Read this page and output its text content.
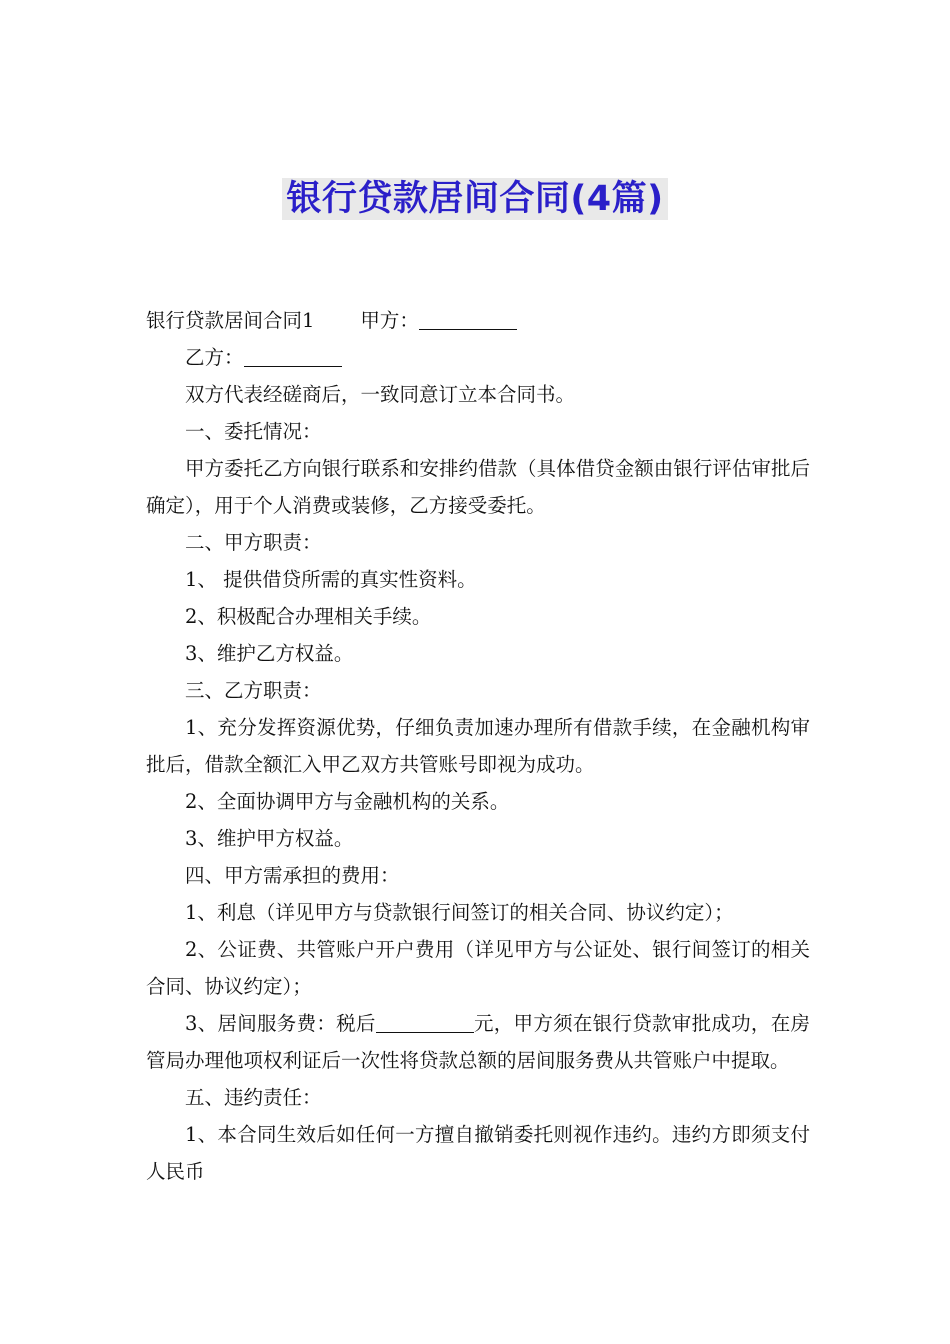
银行贷款居间合同(4篇)

银行贷款居间合同1 甲方：

乙方：

双方代表经磋商后，一致同意订立本合同书。

一、委托情况：

甲方委托乙方向银行联系和安排约借款（具体借贷金额由银行评估审批后确定），用于个人消费或装修，乙方接受委托。

二、甲方职责：

1、 提供借贷所需的真实性资料。

2、积极配合办理相关手续。

3、维护乙方权益。

三、乙方职责：

1、充分发挥资源优势，仔细负责加速办理所有借款手续，在金融机构审批后，借款全额汇入甲乙双方共管账号即视为成功。

2、全面协调甲方与金融机构的关系。

3、维护甲方权益。

四、甲方需承担的费用：

1、利息（详见甲方与贷款银行间签订的相关合同、协议约定）；

2、公证费、共管账户开户费用（详见甲方与公证处、银行间签订的相关合同、协议约定）；

3、居间服务费：税后	元，甲方须在银行贷款审批成功，在房管局办理他项权利证后一次性将贷款总额的居间服务费从共管账户中提取。

五、违约责任：

1、本合同生效后如任何一方擅自撤销委托则视作违约。违约方即须支付人民币
